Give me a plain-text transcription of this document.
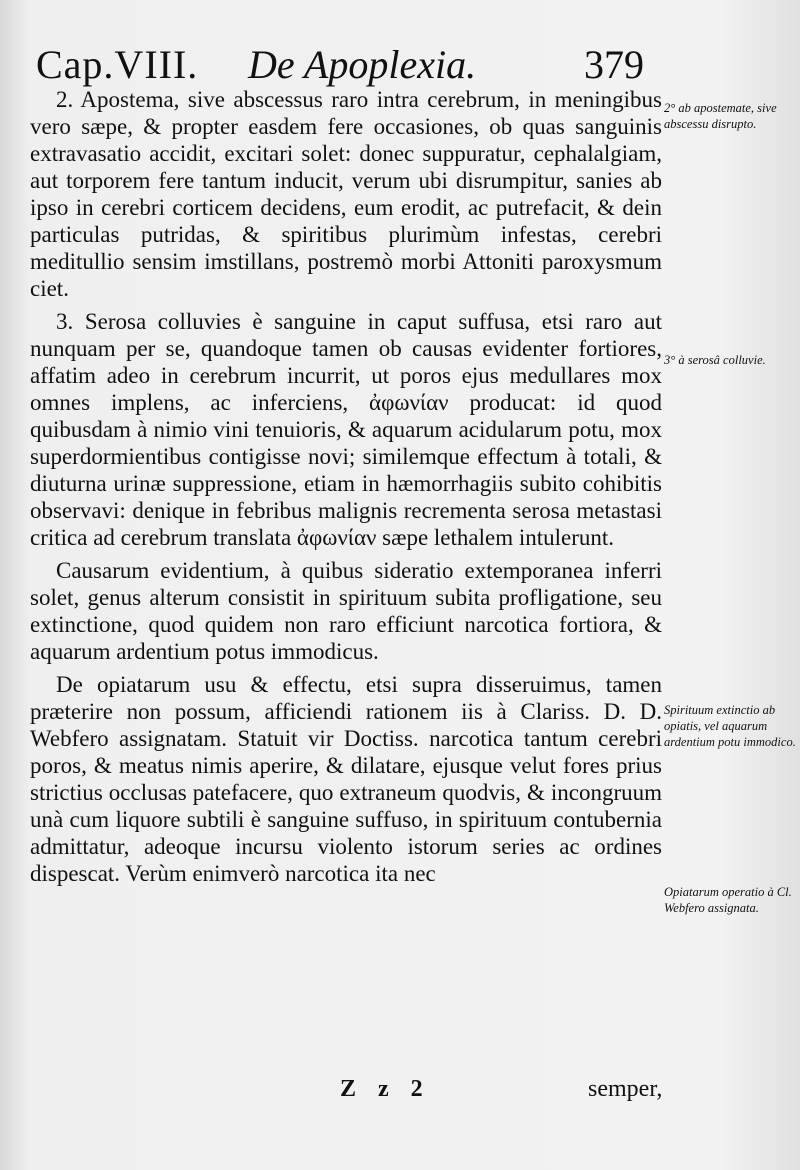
Cap.VIII. De Apoplexia.	379

2. Apostema, sive abscessus raro intra cerebrum, in meningibus vero sæpe, & propter easdem fere occasiones, ob quas sanguinis extravasatio accidit, excitari solet: donec suppuratur, cephalalgiam, aut torporem fere tantum inducit, verum ubi disrumpitur, sanies ab ipso in cerebri corticem decidens, eum erodit, ac putrefacit, & dein particulas putridas, & spiritibus plurimùm infestas, cerebri meditullio sensim imstillans, postremò morbi Attoniti paroxysmum ciet.

3. Serosa colluvies è sanguine in caput suffusa, etsi raro aut nunquam per se, quandoque tamen ob causas evidenter fortiores, affatim adeo in cerebrum incurrit, ut poros ejus medullares mox omnes implens, ac inferciens, ἀφωνίαν producat: id quod quibusdam à nimio vini tenuioris, & aquarum acidularum potu, mox superdormientibus contigisse novi; similemque effectum à totali, & diuturna urinæ suppressione, etiam in hæmorrhagiis subito cohibitis observavi: denique in febribus malignis recrementa serosa metastasi critica ad cerebrum translata ἀφωνίαν sæpe lethalem intulerunt.

Causarum evidentium, à quibus sideratio extemporanea inferri solet, genus alterum consistit in spirituum subita profligatione, seu extinctione, quod quidem non raro efficiunt narcotica fortiora, & aquarum ardentium potus immodicus.

De opiatarum usu & effectu, etsi supra disseruimus, tamen præterire non possum, afficiendi rationem iis à Clariss. D. D. Webfero assignatam. Statuit vir Doctiss. narcotica tantum cerebri poros, & meatus nimis aperire, & dilatare, ejusque velut fores prius strictius occlusas patefacere, quo extraneum quodvis, & incongruum unà cum liquore subtili è sanguine suffuso, in spirituum contubernia admittatur, adeoque incursu violento istorum series ac ordines dispescat. Verùm enimverò narcotica ita nec

2° ab apostemate, sive abscessu disrupto.
3° à serosâ colluvie.
Spirituum extinctio ab opiatis, vel aquarum ardentium potu immodico.
Opiatarum operatio à Cl. Webfero assignata.
Z z 2	semper,
